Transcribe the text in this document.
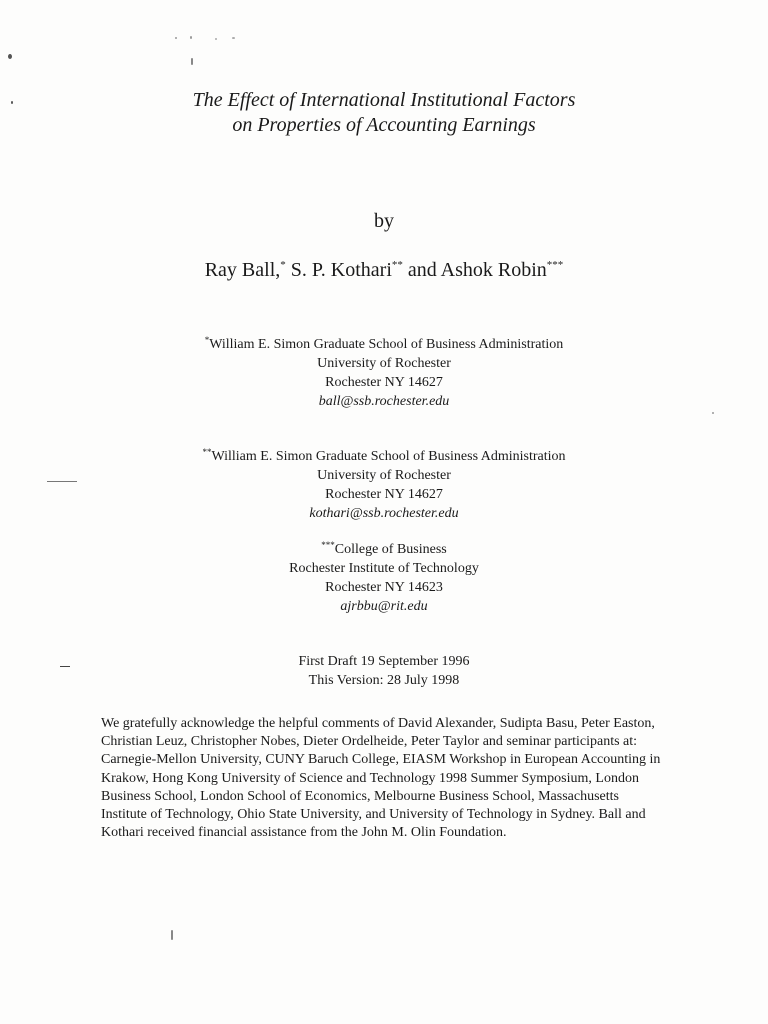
The Effect of International Institutional Factors
on Properties of Accounting Earnings
by
Ray Ball,* S. P. Kothari** and Ashok Robin***
*William E. Simon Graduate School of Business Administration
University of Rochester
Rochester NY 14627
ball@ssb.rochester.edu
**William E. Simon Graduate School of Business Administration
University of Rochester
Rochester NY 14627
kothari@ssb.rochester.edu
***College of Business
Rochester Institute of Technology
Rochester NY 14623
ajrbbu@rit.edu
First Draft 19 September 1996
This Version: 28 July 1998
We gratefully acknowledge the helpful comments of David Alexander, Sudipta Basu, Peter Easton, Christian Leuz, Christopher Nobes, Dieter Ordelheide, Peter Taylor and seminar participants at: Carnegie-Mellon University, CUNY Baruch College, EIASM Workshop in European Accounting in Krakow, Hong Kong University of Science and Technology 1998 Summer Symposium, London Business School, London School of Economics, Melbourne Business School, Massachusetts Institute of Technology, Ohio State University, and University of Technology in Sydney. Ball and Kothari received financial assistance from the John M. Olin Foundation.
